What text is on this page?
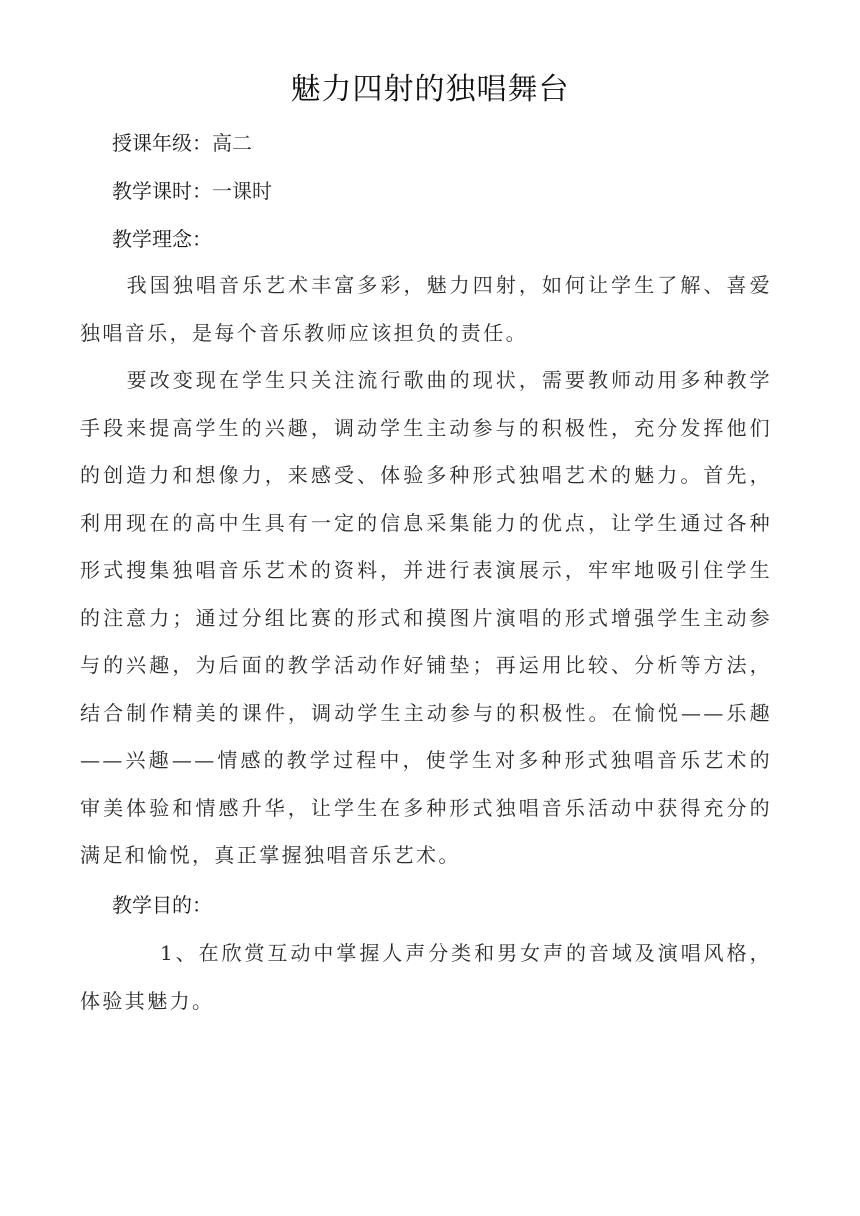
魅力四射的独唱舞台
授课年级：高二
教学课时：一课时
教学理念：

我国独唱音乐艺术丰富多彩，魅力四射，如何让学生了解、喜爱独唱音乐，是每个音乐教师应该担负的责任。

要改变现在学生只关注流行歌曲的现状，需要教师动用多种教学手段来提高学生的兴趣，调动学生主动参与的积极性，充分发挥他们的创造力和想像力，来感受、体验多种形式独唱艺术的魅力。首先，利用现在的高中生具有一定的信息采集能力的优点，让学生通过各种形式搜集独唱音乐艺术的资料，并进行表演展示，牢牢地吸引住学生的注意力；通过分组比赛的形式和摸图片演唱的形式增强学生主动参与的兴趣，为后面的教学活动作好铺垫；再运用比较、分析等方法，结合制作精美的课件，调动学生主动参与的积极性。在愉悦——乐趣——兴趣——情感的教学过程中，使学生对多种形式独唱音乐艺术的审美体验和情感升华，让学生在多种形式独唱音乐活动中获得充分的满足和愉悦，真正掌握独唱音乐艺术。

教学目的：

1、在欣赏互动中掌握人声分类和男女声的音域及演唱风格，体验其魅力。
